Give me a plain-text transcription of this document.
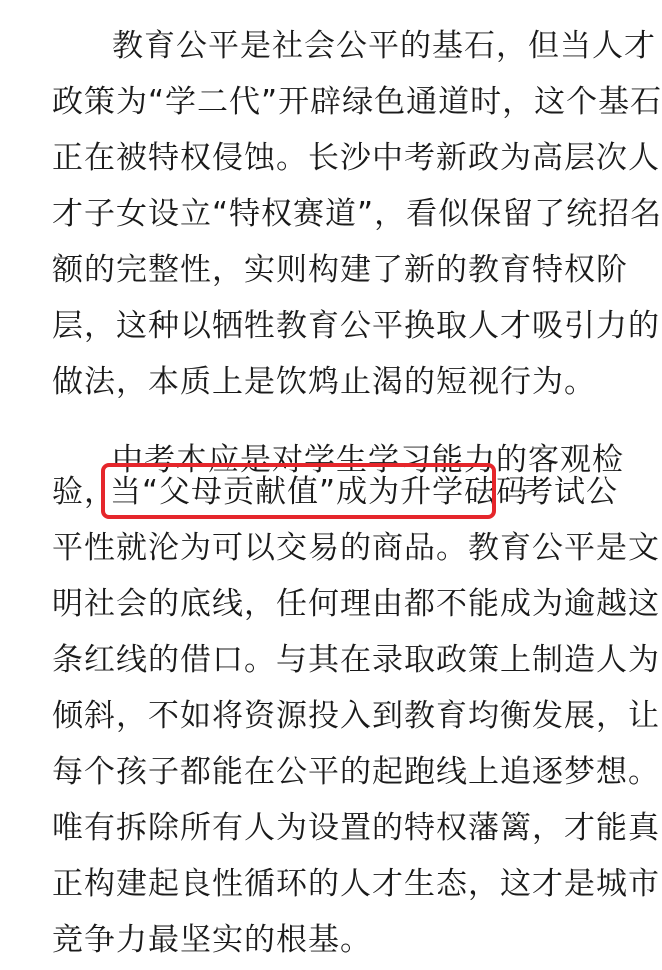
教育公平是社会公平的基石，但当人才
政策为“学二代”开辟绿色通道时，这个基石
正在被特权侵蚀。长沙中考新政为高层次人
才子女设立“特权赛道”，看似保留了统招名
额的完整性，实则构建了新的教育特权阶
层，这种以牺牲教育公平换取人才吸引力的
做法，本质上是饮鸩止渴的短视行为。
中考本应是对学生学习能力的客观检
验，
当“父母贡献值”成为升学砝码
考试公
平性就沦为可以交易的商品。教育公平是文
明社会的底线，任何理由都不能成为逾越这
条红线的借口。与其在录取政策上制造人为
倾斜，不如将资源投入到教育均衡发展，让
每个孩子都能在公平的起跑线上追逐梦想。
唯有拆除所有人为设置的特权藩篱，才能真
正构建起良性循环的人才生态，这才是城市
竞争力最坚实的根基。
